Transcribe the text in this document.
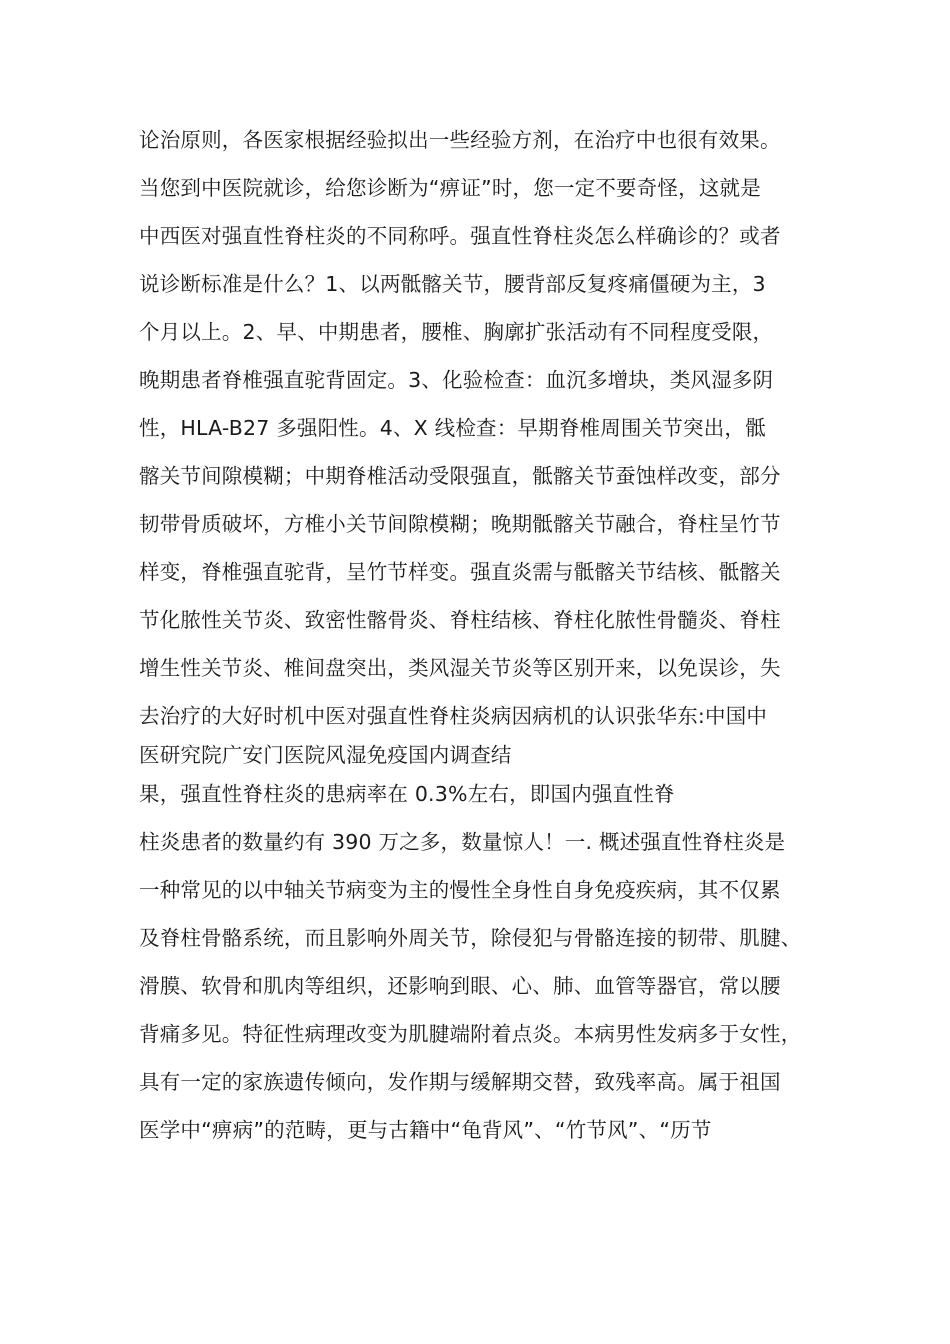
论治原则，各医家根据经验拟出一些经验方剂，在治疗中也很有效果。
当您到中医院就诊，给您诊断为“痹证”时，您一定不要奇怪，这就是
中西医对强直性脊柱炎的不同称呼。强直性脊柱炎怎么样确诊的？或者
说诊断标准是什么？1、以两骶髂关节，腰背部反复疼痛僵硬为主，3
个月以上。2、早、中期患者，腰椎、胸廓扩张活动有不同程度受限，
晚期患者脊椎强直驼背固定。3、化验检查：血沉多增块，类风湿多阴
性，HLA-B27 多强阳性。4、X 线检查：早期脊椎周围关节突出，骶
髂关节间隙模糊；中期脊椎活动受限强直，骶髂关节蚕蚀样改变，部分
韧带骨质破坏，方椎小关节间隙模糊；晚期骶髂关节融合，脊柱呈竹节
样变，脊椎强直驼背，呈竹节样变。强直炎需与骶髂关节结核、骶髂关
节化脓性关节炎、致密性髂骨炎、脊柱结核、脊柱化脓性骨髓炎、脊柱
增生性关节炎、椎间盘突出，类风湿关节炎等区别开来，以免误诊，失
去治疗的大好时机中医对强直性脊柱炎病因病机的认识张华东:中国中
医研究院广安门医院风湿免疫国内调查结
果，强直性脊柱炎的患病率在 0.3%左右，即国内强直性脊
柱炎患者的数量约有 390 万之多，数量惊人！一. 概述强直性脊柱炎是
一种常见的以中轴关节病变为主的慢性全身性自身免疫疾病，其不仅累
及脊柱骨骼系统，而且影响外周关节，除侵犯与骨骼连接的韧带、肌腱、
滑膜、软骨和肌肉等组织，还影响到眼、心、肺、血管等器官，常以腰
背痛多见。特征性病理改变为肌腱端附着点炎。本病男性发病多于女性，
具有一定的家族遗传倾向，发作期与缓解期交替，致残率高。属于祖国
医学中“痹病”的范畴，更与古籍中“龟背风”、“竹节风”、“历节
